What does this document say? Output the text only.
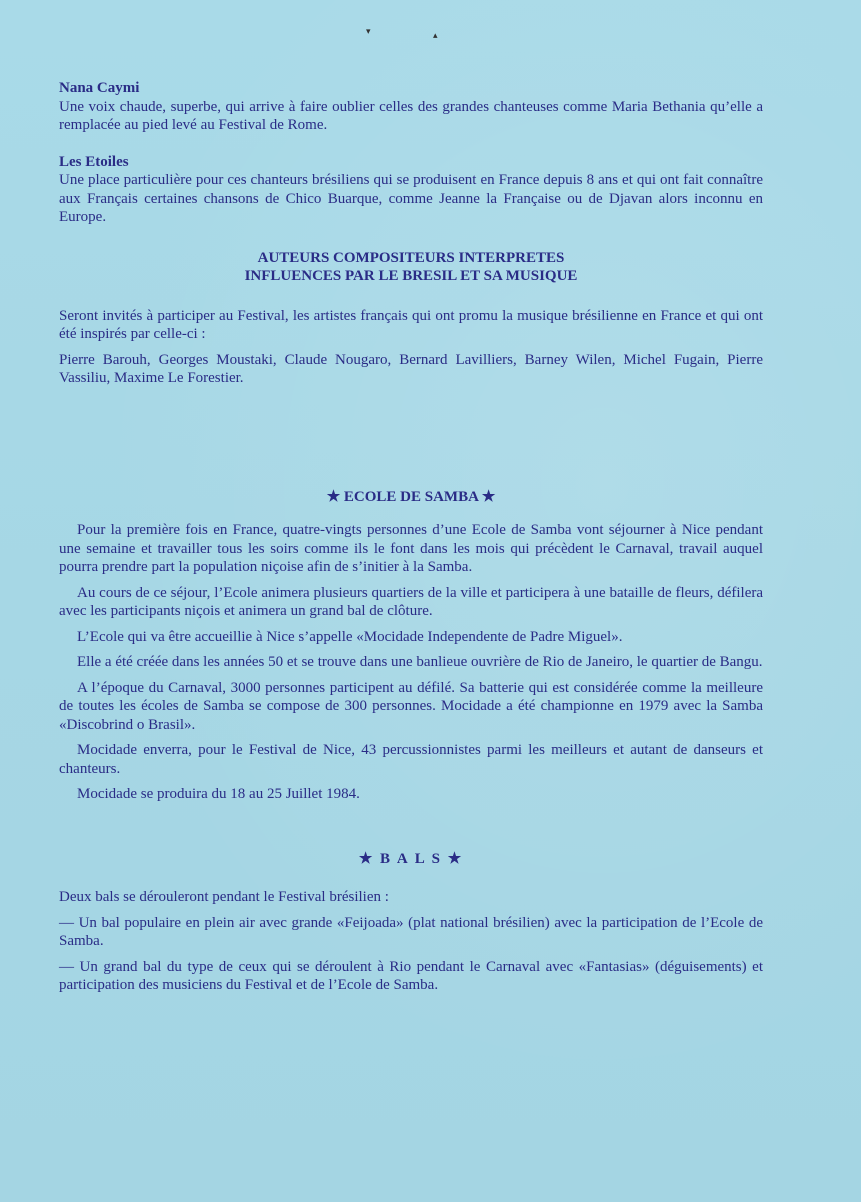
▾	▴

Nana Caymi

Une voix chaude, superbe, qui arrive à faire oublier celles des grandes chanteuses comme Maria Bethania qu’elle a remplacée au pied levé au Festival de Rome.

Les Etoiles

Une place particulière pour ces chanteurs brésiliens qui se produisent en France depuis 8 ans et qui ont fait connaître aux Français certaines chansons de Chico Buarque, comme Jeanne la Française ou de Djavan alors inconnu en Europe.

AUTEURS COMPOSITEURS INTERPRETES

INFLUENCES PAR LE BRESIL ET SA MUSIQUE

Seront invités à participer au Festival, les artistes français qui ont promu la musique brésilienne en France et qui ont été inspirés par celle-ci :

Pierre Barouh, Georges Moustaki, Claude Nougaro, Bernard Lavilliers, Barney Wilen, Michel Fugain, Pierre Vassiliu, Maxime Le Forestier.

★ ECOLE DE SAMBA ★

Pour la première fois en France, quatre-vingts personnes d’une Ecole de Samba vont séjourner à Nice pendant une semaine et travailler tous les soirs comme ils le font dans les mois qui précèdent le Carnaval, travail auquel pourra prendre part la population niçoise afin de s’initier à la Samba.

Au cours de ce séjour, l’Ecole animera plusieurs quartiers de la ville et participera à une bataille de fleurs, défilera avec les participants niçois et animera un grand bal de clôture.

L’Ecole qui va être accueillie à Nice s’appelle «Mocidade Independente de Padre Miguel».

Elle a été créée dans les années 50 et se trouve dans une banlieue ouvrière de Rio de Janeiro, le quartier de Bangu.

A l’époque du Carnaval, 3000 personnes participent au défilé. Sa batterie qui est considérée comme la meilleure de toutes les écoles de Samba se compose de 300 personnes. Mocidade a été championne en 1979 avec la Samba «Discobrind o Brasil».

Mocidade enverra, pour le Festival de Nice, 43 percussionnistes parmi les meilleurs et autant de danseurs et chanteurs.

Mocidade se produira du 18 au 25 Juillet 1984.

★ B A L S ★

Deux bals se dérouleront pendant le Festival brésilien :

— Un bal populaire en plein air avec grande «Feijoada» (plat national brésilien) avec la participation de l’Ecole de Samba.

— Un grand bal du type de ceux qui se déroulent à Rio pendant le Carnaval avec «Fantasias» (déguisements) et participation des musiciens du Festival et de l’Ecole de Samba.
